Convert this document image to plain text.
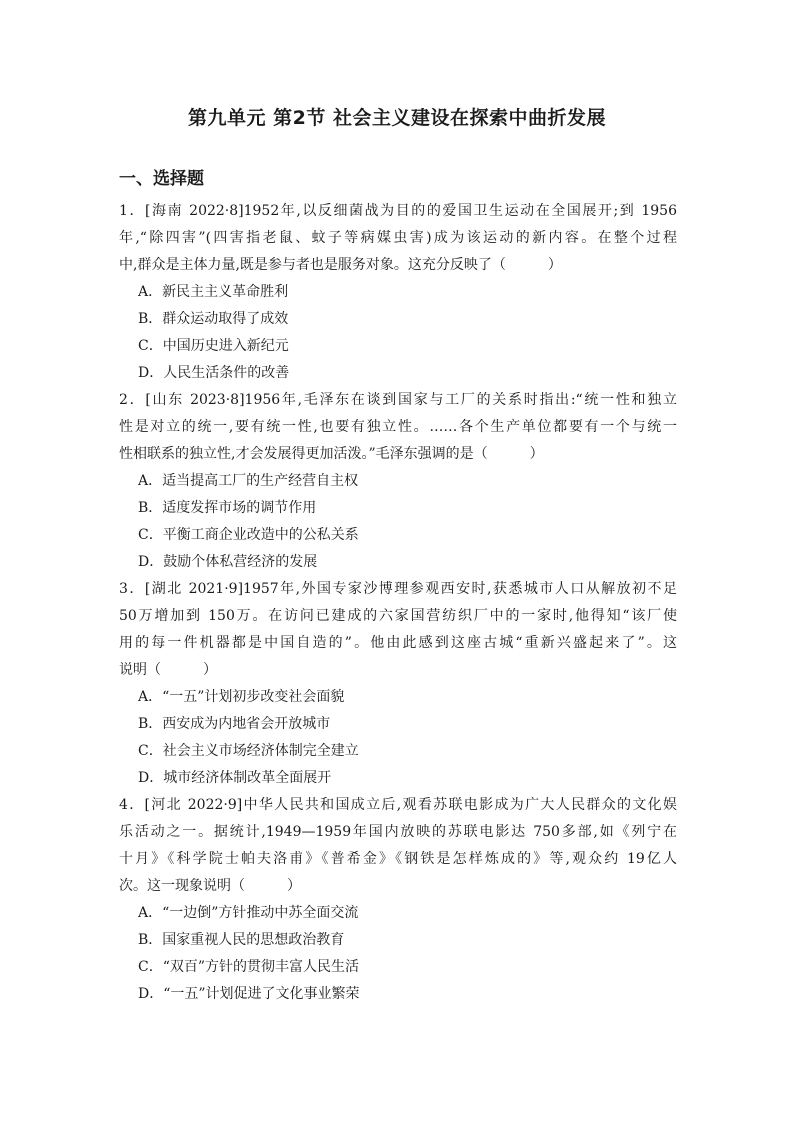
第九单元 第2节 社会主义建设在探索中曲折发展
一、选择题
1．[海南 2022·8]1952年,以反细菌战为目的的爱国卫生运动在全国展开;到 1956
年,“除四害”(四害指老鼠、蚊子等病媒虫害)成为该运动的新内容。在整个过程
中,群众是主体力量,既是参与者也是服务对象。这充分反映了（　　　）
A．新民主主义革命胜利
B．群众运动取得了成效
C．中国历史进入新纪元
D．人民生活条件的改善
2．[山东 2023·8]1956年,毛泽东在谈到国家与工厂的关系时指出:“统一性和独立
性是对立的统一,要有统一性,也要有独立性。……各个生产单位都要有一个与统一
性相联系的独立性,才会发展得更加活泼。”毛泽东强调的是（　　　）
A．适当提高工厂的生产经营自主权
B．适度发挥市场的调节作用
C．平衡工商企业改造中的公私关系
D．鼓励个体私营经济的发展
3．[湖北 2021·9]1957年,外国专家沙博理参观西安时,获悉城市人口从解放初不足
50万增加到 150万。在访问已建成的六家国营纺织厂中的一家时,他得知“该厂使
用的每一件机器都是中国自造的”。他由此感到这座古城“重新兴盛起来了”。这
说明（　　　）
A．“一五”计划初步改变社会面貌
B．西安成为内地省会开放城市
C．社会主义市场经济体制完全建立
D．城市经济体制改革全面展开
4．[河北 2022·9]中华人民共和国成立后,观看苏联电影成为广大人民群众的文化娱
乐活动之一。据统计,1949—1959年国内放映的苏联电影达 750多部,如《列宁在
十月》《科学院士帕夫洛甫》《普希金》《钢铁是怎样炼成的》等,观众约 19亿人
次。这一现象说明（　　　）
A．“一边倒”方针推动中苏全面交流
B．国家重视人民的思想政治教育
C．“双百”方针的贯彻丰富人民生活
D．“一五”计划促进了文化事业繁荣
